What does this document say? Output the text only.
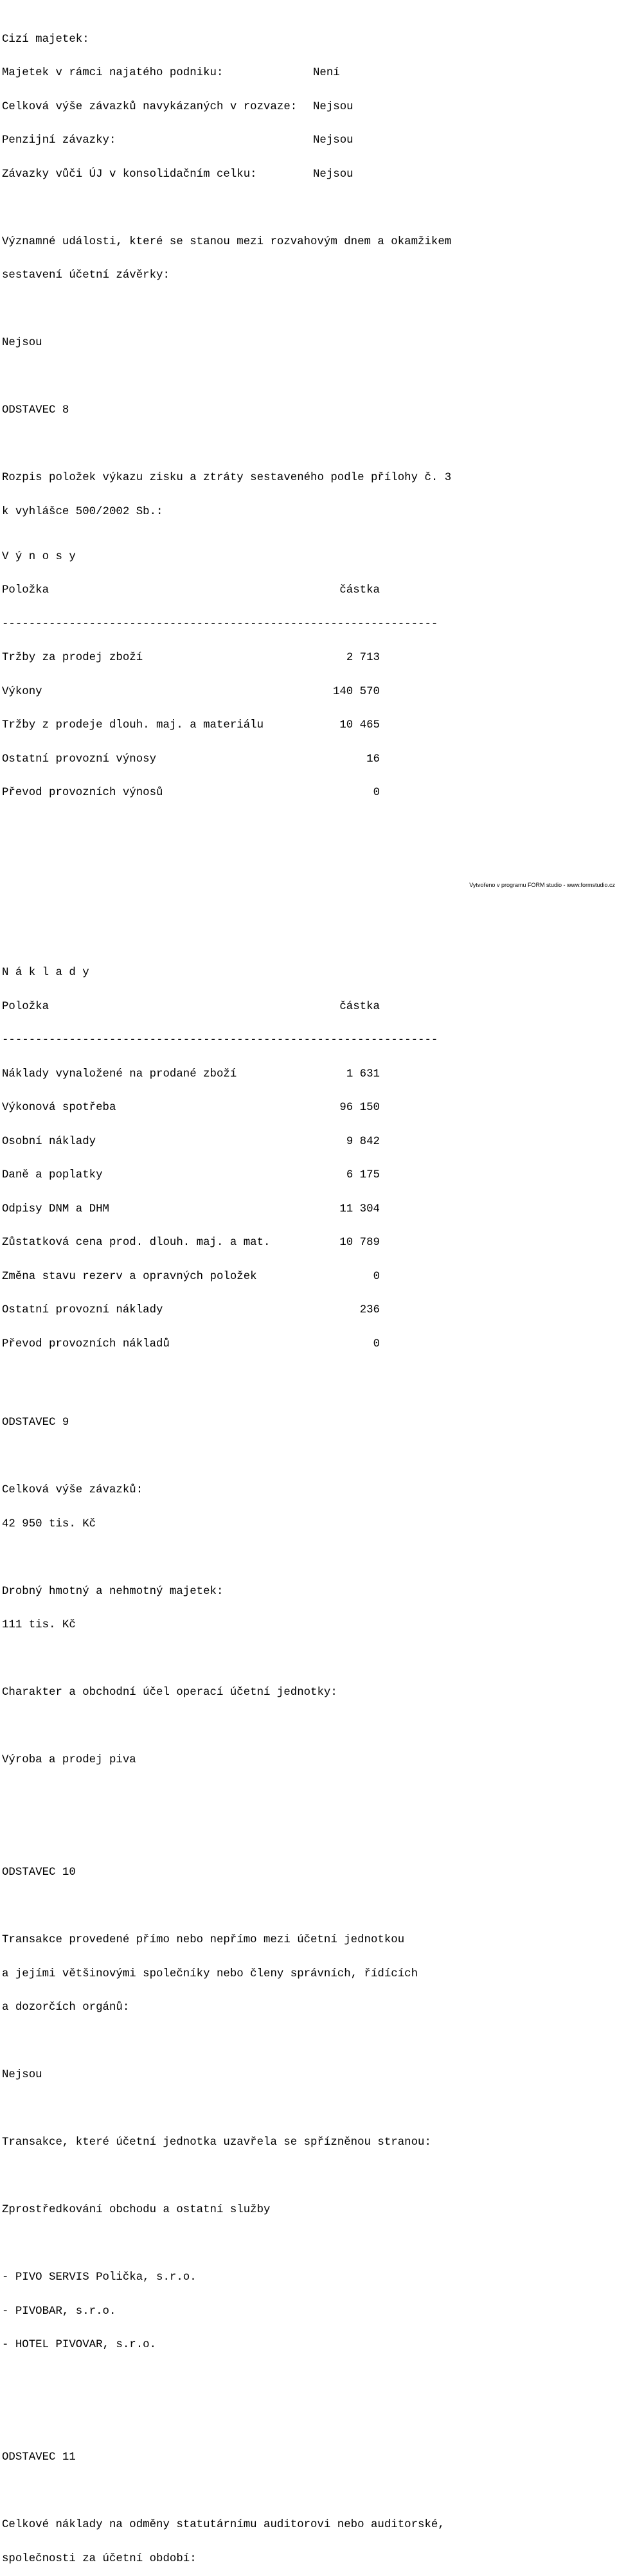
Cizí majetek:

Majetek v rámci najatého podniku:	Není

Celková výše závazků navykázaných v rozvaze:	Nejsou

Penzijní závazky:	Nejsou

Závazky vůči ÚJ v konsolidačním celku:	Nejsou

Významné události, které se stanou mezi rozvahovým dnem a okamžikem

sestavení účetní závěrky:

Nejsou

ODSTAVEC 8

Rozpis položek výkazu zisku a ztráty sestaveného podle přílohy č. 3

k vyhlášce 500/2002 Sb.:

V ý n o s y

Položka	částka

-----------------------------------------------------------------

Tržby za prodej zboží	2 713

Výkony	140 570

Tržby z prodeje dlouh. maj. a materiálu	10 465

Ostatní provozní výnosy	16

Převod provozních výnosů	0

N á k l a d y

Položka	částka

-----------------------------------------------------------------

Náklady vynaložené na prodané zboží	1 631

Výkonová spotřeba	96 150

Osobní náklady	9 842

Daně a poplatky	6 175

Odpisy DNM a DHM	11 304

Zůstatková cena prod. dlouh. maj. a mat.	10 789

Změna stavu rezerv a opravných položek	0

Ostatní provozní náklady	236

Převod provozních nákladů	0

ODSTAVEC 9

Celková výše závazků:

42 950 tis. Kč

Drobný hmotný a nehmotný majetek:

111 tis. Kč

Charakter a obchodní účel operací účetní jednotky:

Výroba a prodej piva

ODSTAVEC 10

Transakce provedené přímo nebo nepřímo mezi účetní jednotkou

a jejími většinovými společníky nebo členy správních, řídících

a dozorčích orgánů:

Nejsou

Transakce, které účetní jednotka uzavřela se spřízněnou stranou:

Zprostředkování obchodu a ostatní služby

- PIVO SERVIS Polička, s.r.o.

- PIVOBAR, s.r.o.

- HOTEL PIVOVAR, s.r.o.

ODSTAVEC 11

Celkové náklady na odměny statutárnímu auditorovi nebo auditorské,

společnosti za účetní období:

Vytvořeno v programu FORM studio - www.formstudio.cz
